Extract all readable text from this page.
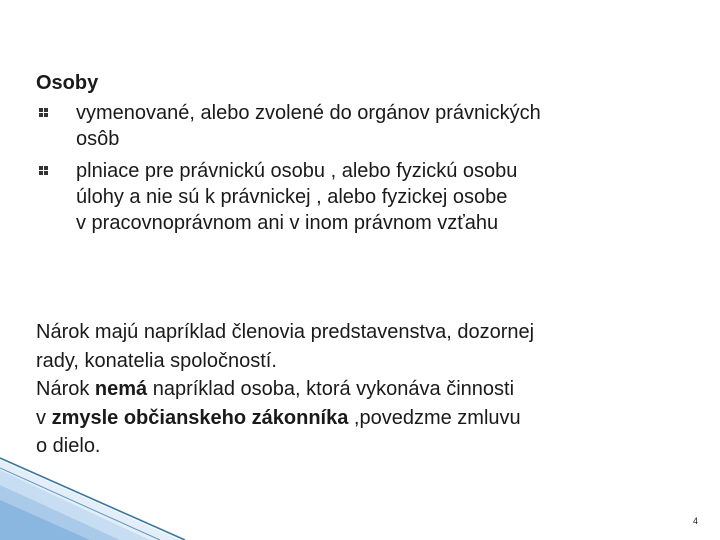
Osoby
vymenované, alebo zvolené do orgánov právnických
osôb
plniace pre právnickú osobu , alebo fyzickú osobu
úlohy a nie sú k právnickej , alebo fyzickej osobe
v pracovnoprávnom ani v inom právnom vzťahu
Nárok majú napríklad členovia predstavenstva, dozornej
rady, konatelia spoločností.
Nárok nemá napríklad osoba, ktorá vykonáva činnosti
v zmysle občianskeho zákonníka ,povedzme zmluvu
o dielo.
4
